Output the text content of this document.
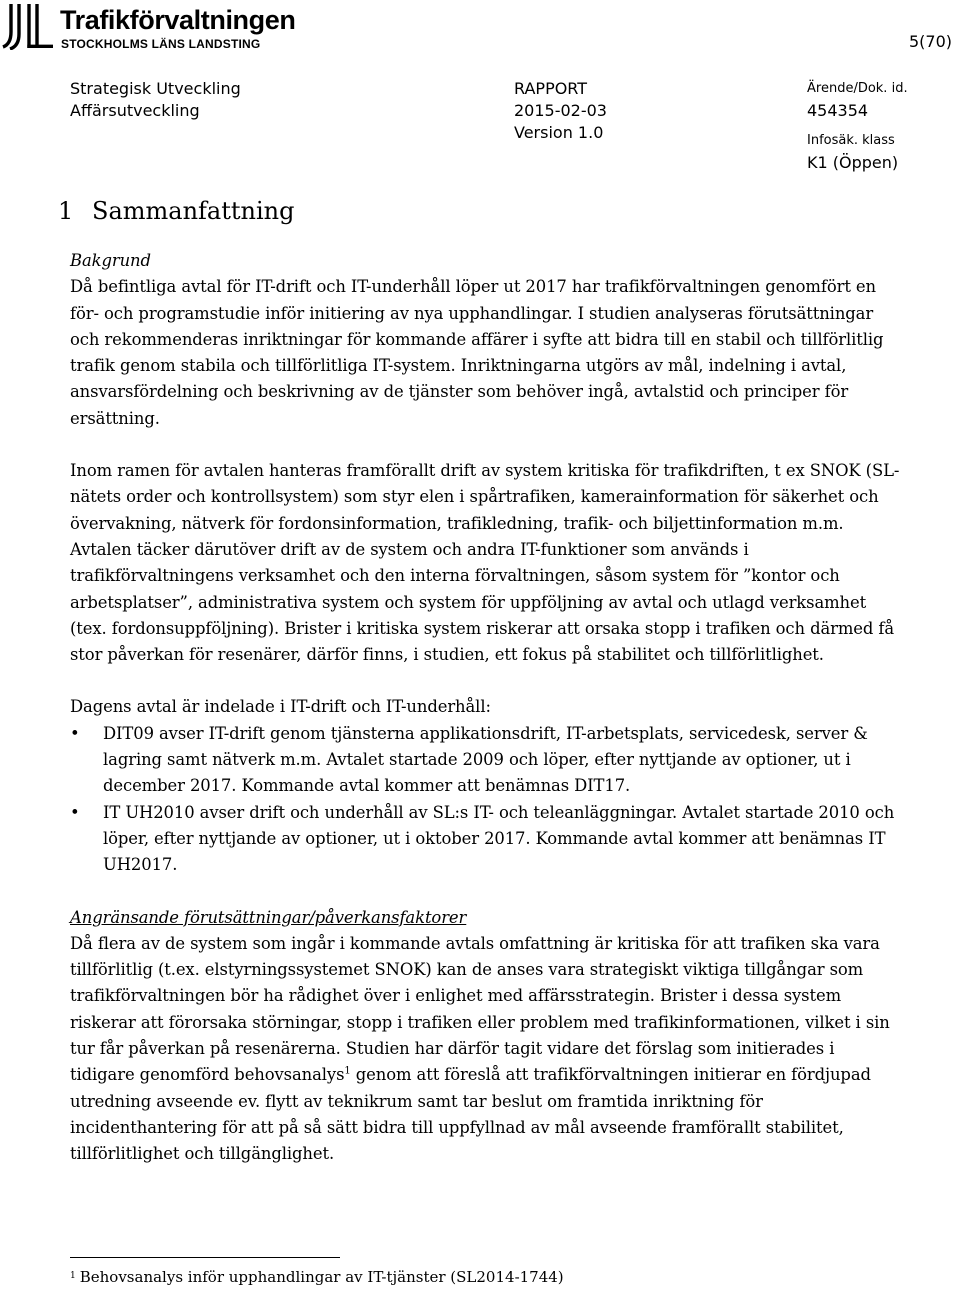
Trafikförvaltningen
STOCKHOLMS LÄNS LANDSTING	5(70)
Strategisk Utveckling
Affärsutveckling
RAPPORT
2015-02-03
Version 1.0
Ärende/Dok. id.
454354
Infosäk. klass
K1 (Öppen)
1 Sammanfattning

Bakgrund
Då befintliga avtal för IT-drift och IT-underhåll löper ut 2017 har trafikförvaltningen genomfört en för- och programstudie inför initiering av nya upphandlingar. I studien analyseras förutsättningar och rekommenderas inriktningar för kommande affärer i syfte att bidra till en stabil och tillförlitlig trafik genom stabila och tillförlitliga IT-system. Inriktningarna utgörs av mål, indelning i avtal, ansvarsfördelning och beskrivning av de tjänster som behöver ingå, avtalstid och principer för ersättning.

Inom ramen för avtalen hanteras framförallt drift av system kritiska för trafikdriften, t ex SNOK (SL-nätets order och kontrollsystem) som styr elen i spårtrafiken, kamerainformation för säkerhet och övervakning, nätverk för fordonsinformation, trafikledning, trafik- och biljettinformation m.m. Avtalen täcker därutöver drift av de system och andra IT-funktioner som används i trafikförvaltningens verksamhet och den interna förvaltningen, såsom system för ”kontor och arbetsplatser”, administrativa system och system för uppföljning av avtal och utlagd verksamhet (tex. fordonsuppföljning). Brister i kritiska system riskerar att orsaka stopp i trafiken och därmed få stor påverkan för resenärer, därför finns, i studien, ett fokus på stabilitet och tillförlitlighet.

Dagens avtal är indelade i IT-drift och IT-underhåll:
•	DIT09 avser IT-drift genom tjänsterna applikationsdrift, IT-arbetsplats, servicedesk, server & lagring samt nätverk m.m. Avtalet startade 2009 och löper, efter nyttjande av optioner, ut i december 2017. Kommande avtal kommer att benämnas DIT17.
•	IT UH2010 avser drift och underhåll av SL:s IT- och teleanläggningar. Avtalet startade 2010 och löper, efter nyttjande av optioner, ut i oktober 2017. Kommande avtal kommer att benämnas IT UH2017.

Angränsande förutsättningar/påverkansfaktorer
Då flera av de system som ingår i kommande avtals omfattning är kritiska för att trafiken ska vara tillförlitlig (t.ex. elstyrningssystemet SNOK) kan de anses vara strategiskt viktiga tillgångar som trafikförvaltningen bör ha rådighet över i enlighet med affärsstrategin. Brister i dessa system riskerar att förorsaka störningar, stopp i trafiken eller problem med trafikinformationen, vilket i sin tur får påverkan på resenärerna. Studien har därför tagit vidare det förslag som initierades i tidigare genomförd behovsanalys$^1$ genom att föreslå att trafikförvaltningen initierar en fördjupad utredning avseende ev. flytt av teknikrum samt tar beslut om framtida inriktning för incidenthantering för att på så sätt bidra till uppfyllnad av mål avseende framförallt stabilitet, tillförlitlighet och tillgänglighet.

$^1$ Behovsanalys inför upphandlingar av IT-tjänster (SL2014-1744)
